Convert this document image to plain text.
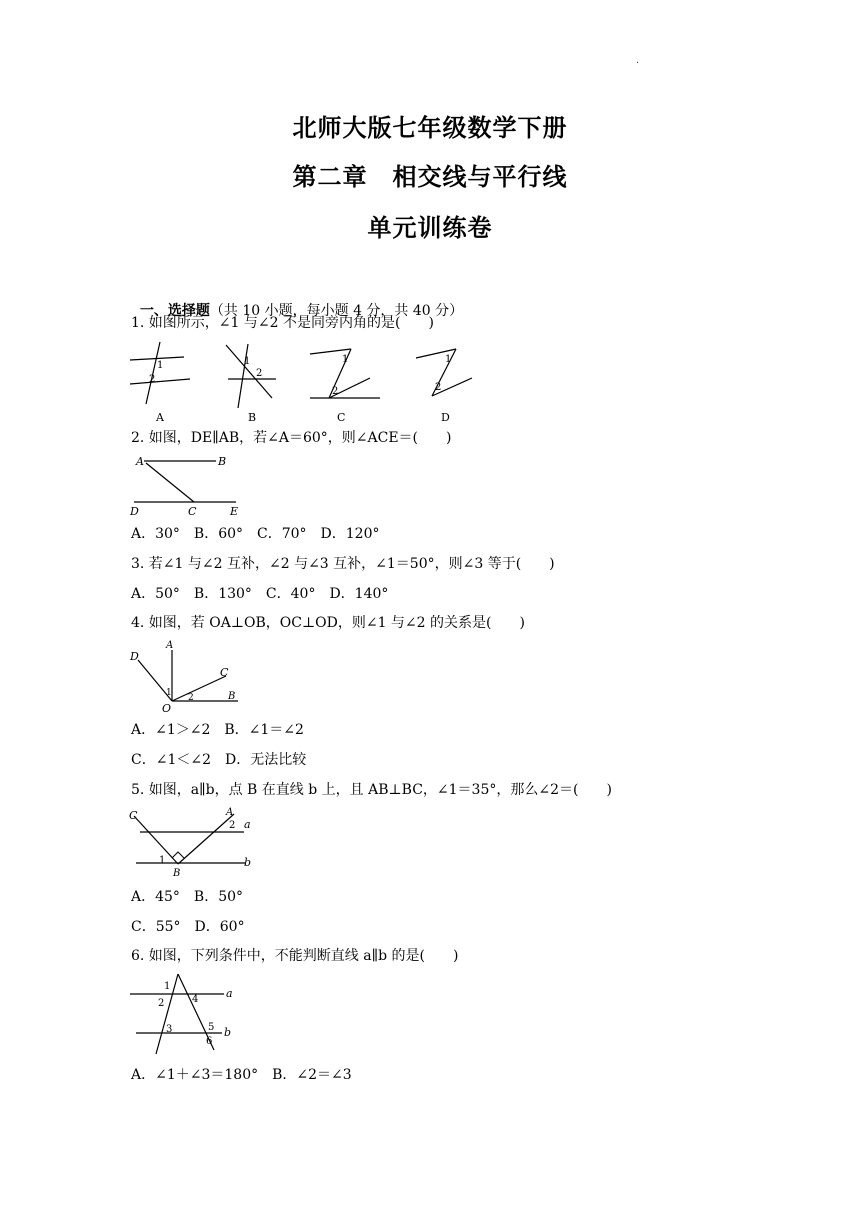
·
北师大版七年级数学下册
第二章　相交线与平行线
单元训练卷

一、选择题（共 10 小题，每小题 4 分，共 40 分）

1. 如图所示，∠1 与∠2 不是同旁内角的是(　　)
1
2
A
1
2
B
1
2
C
1
2
D
2. 如图，DE∥AB，若∠A＝60°，则∠ACE＝(　　)
A	B
D	C	E
A．30°　B．60°　C．70°　D．120°
3. 若∠1 与∠2 互补，∠2 与∠3 互补，∠1＝50°，则∠3 等于(　　)
A．50°　B．130°　C．40°　D．140°
4. 如图，若 OA⊥OB，OC⊥OD，则∠1 与∠2 的关系是(　　)
A
D
C
B
O
1 2
A．∠1＞∠2　B．∠1＝∠2
C．∠1＜∠2　D．无法比较
5. 如图，a∥b，点 B 在直线 b 上，且 AB⊥BC，∠1＝35°，那么∠2＝(　　)
C	A
a
b
B
1
2
A．45°　B．50°
C．55°　D．60°
6. 如图，下列条件中，不能判断直线 a∥b 的是(　　)
1
2	4
3	5
6
a
b
A．∠1＋∠3＝180°　B．∠2＝∠3
